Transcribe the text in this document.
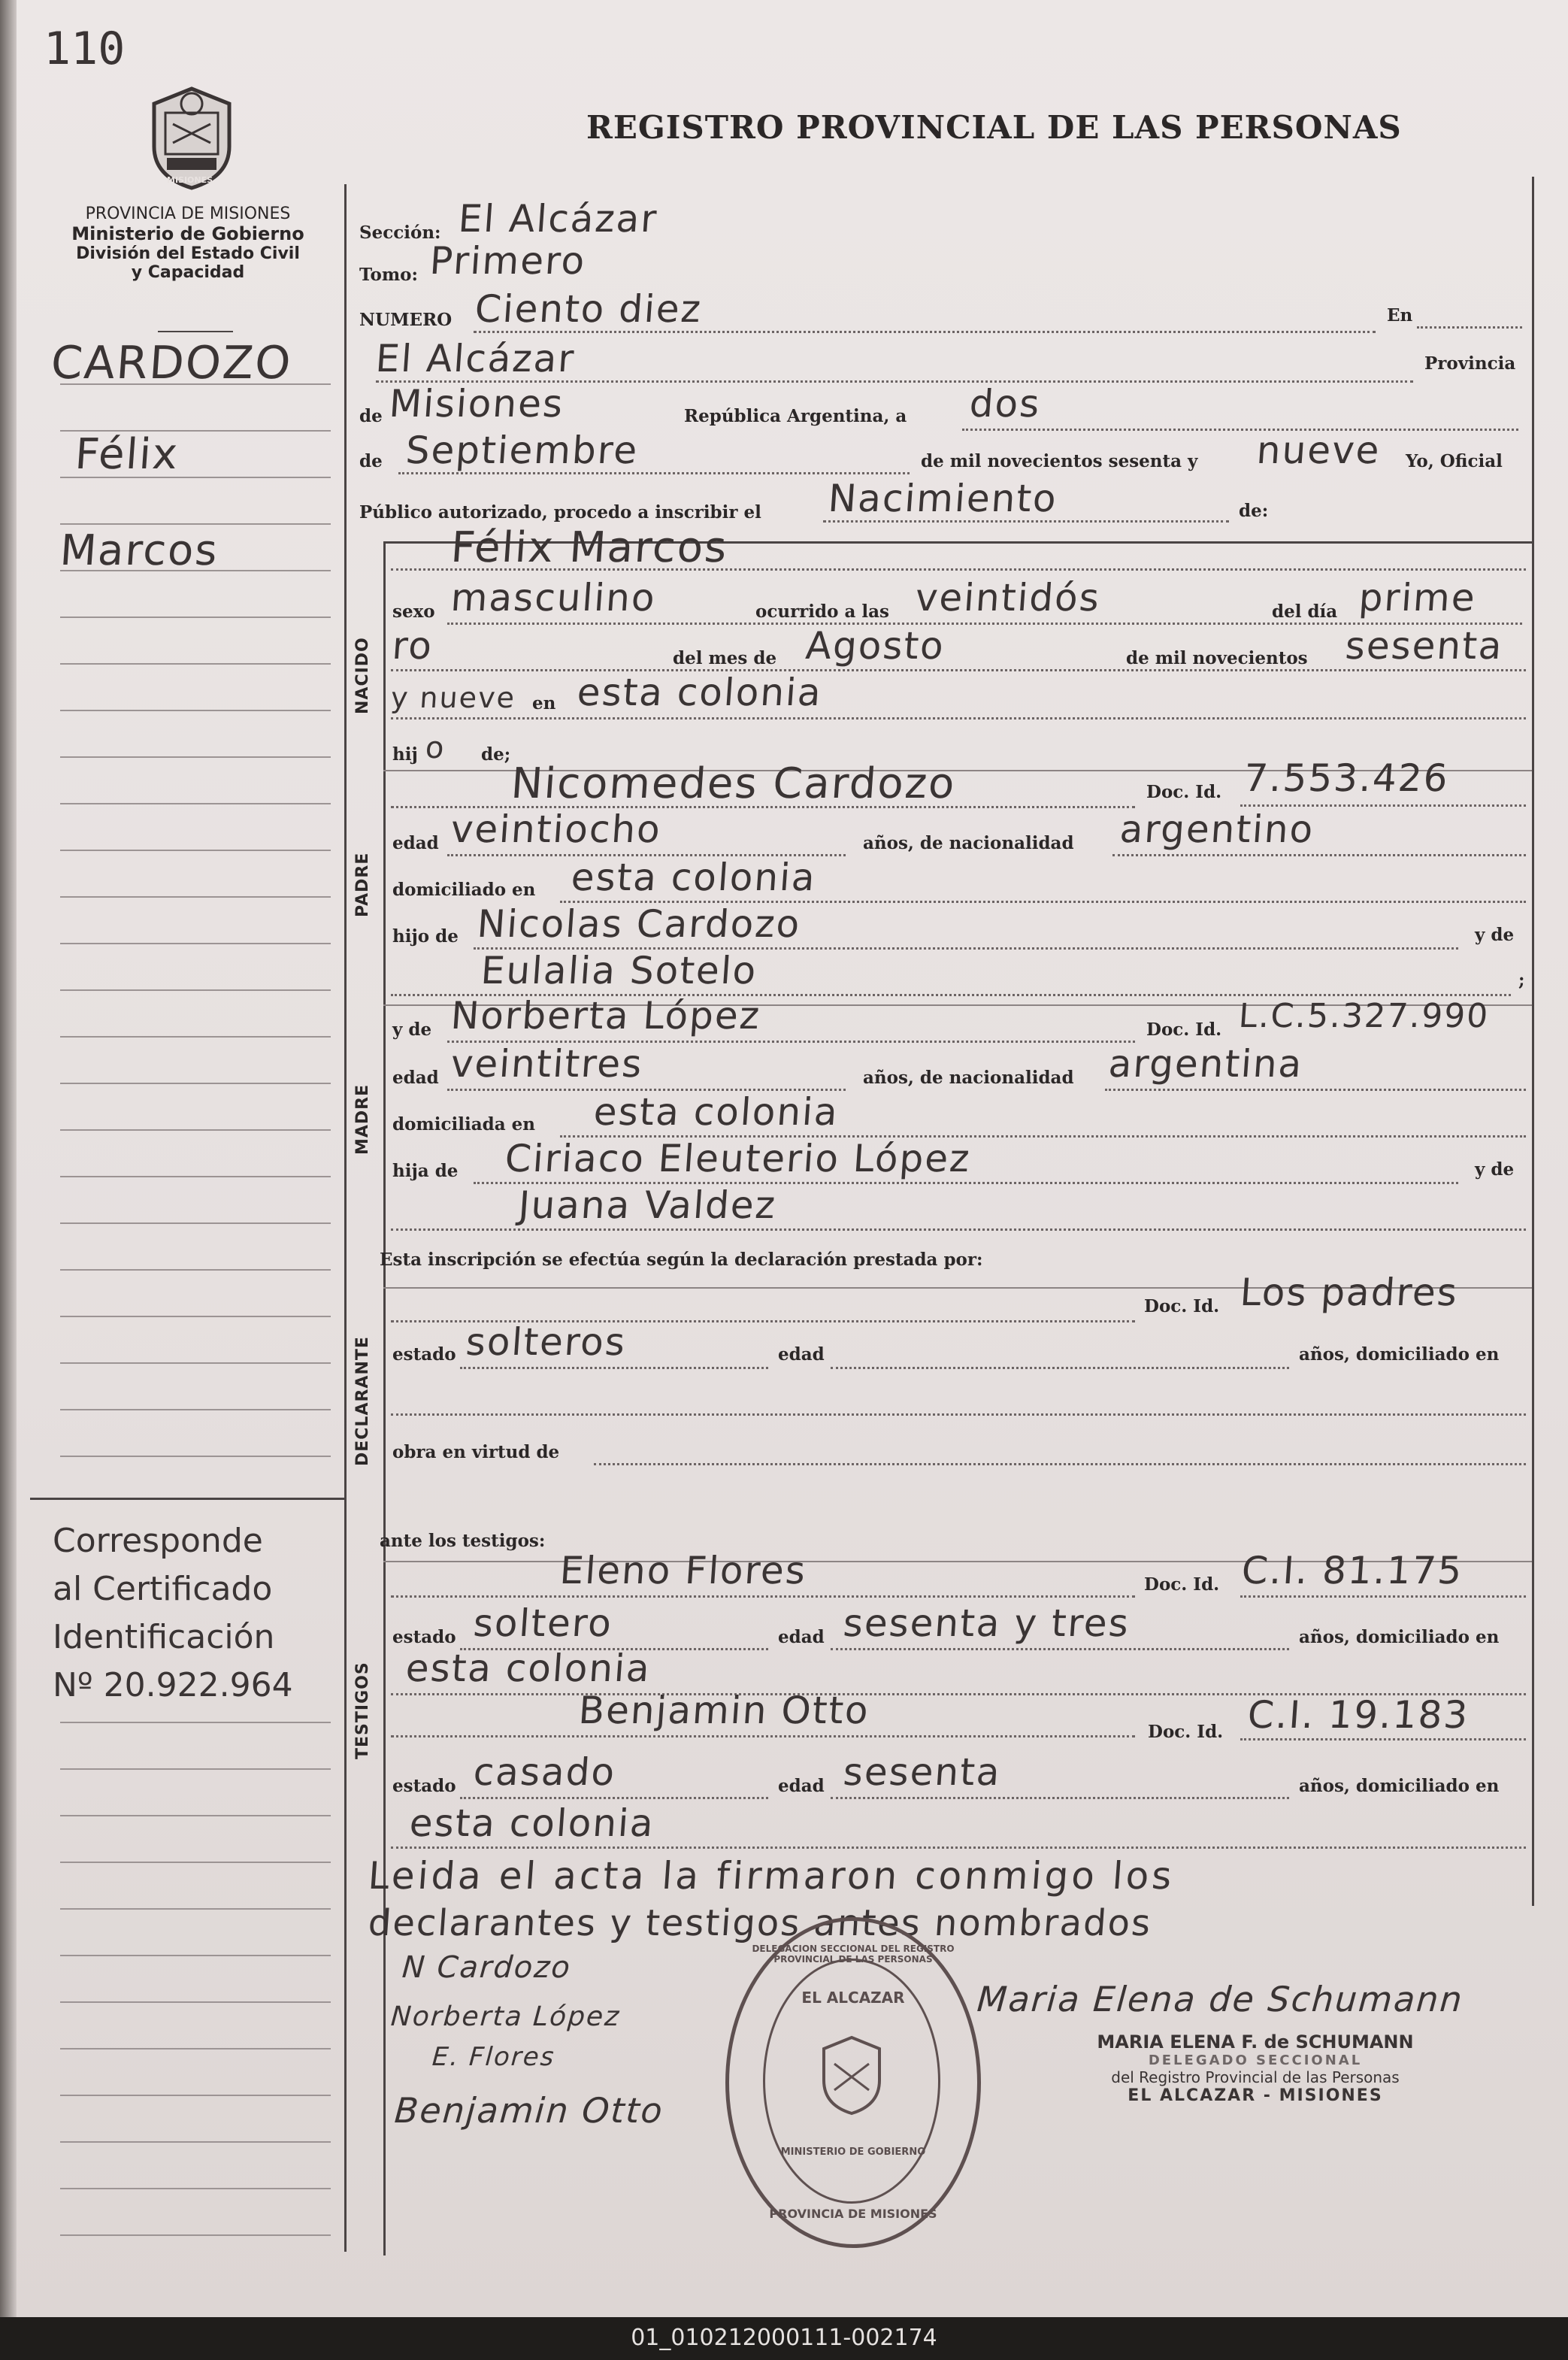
110
MISIONES
REGISTRO PROVINCIAL DE LAS PERSONAS
PROVINCIA DE MISIONES
Ministerio de Gobierno
División del Estado Civil
y Capacidad
CARDOZO
Félix
Marcos
Corresponde
al Certificado
Identificación
Nº 20.922.964
Sección: El Alcázar
Tomo: Primero
NUMERO Ciento diez	En
El Alcázar	Provincia
de Misiones	República Argentina, a dos
de Septiembre	de mil novecientos sesenta y nueve Yo, Oficial
Público autorizado, procedo a inscribir el Nacimiento	de:
NACIDO
Félix Marcos
sexo masculino	ocurrido a las veintidós	del día prime
ro	del mes de Agosto	de mil novecientos sesenta
y nueve en esta colonia
hij o de;
PADRE
Nicomedes Cardozo	Doc. Id. 7.553.426
edad veintiocho	años, de nacionalidad argentino
domiciliado en esta colonia
hijo de Nicolas Cardozo	y de
Eulalia Sotelo	;
MADRE
y de Norberta López	Doc. Id. L.C.5.327.990
edad veintitres	años, de nacionalidad argentina
domiciliada en esta colonia
hija de Ciriaco Eleuterio López	y de
Juana Valdez
Esta inscripción se efectúa según la declaración prestada por:
DECLARANTE
Doc. Id. Los padres
estado solteros	edad	años, domiciliado en
obra en virtud de
ante los testigos:
TESTIGOS
Eleno Flores	Doc. Id. C.I. 81.175
estado soltero	edad sesenta y tres	años, domiciliado en
esta colonia
Benjamin Otto	Doc. Id. C.I. 19.183
estado casado	edad sesenta	años, domiciliado en
esta colonia
Leida el acta la firmaron conmigo los
declarantes y testigos antes nombrados
N Cardozo
Norberta López
E. Flores
Benjamin Otto
Maria Elena de Schumann
DELEGACION SECCIONAL DEL REGISTRO PROVINCIAL DE LAS PERSONAS
EL ALCAZAR
MINISTERIO DE GOBIERNO
PROVINCIA DE MISIONES
MARIA ELENA F. de SCHUMANN
DELEGADO SECCIONAL
del Registro Provincial de las Personas
EL ALCAZAR - MISIONES
01_010212000111-002174
